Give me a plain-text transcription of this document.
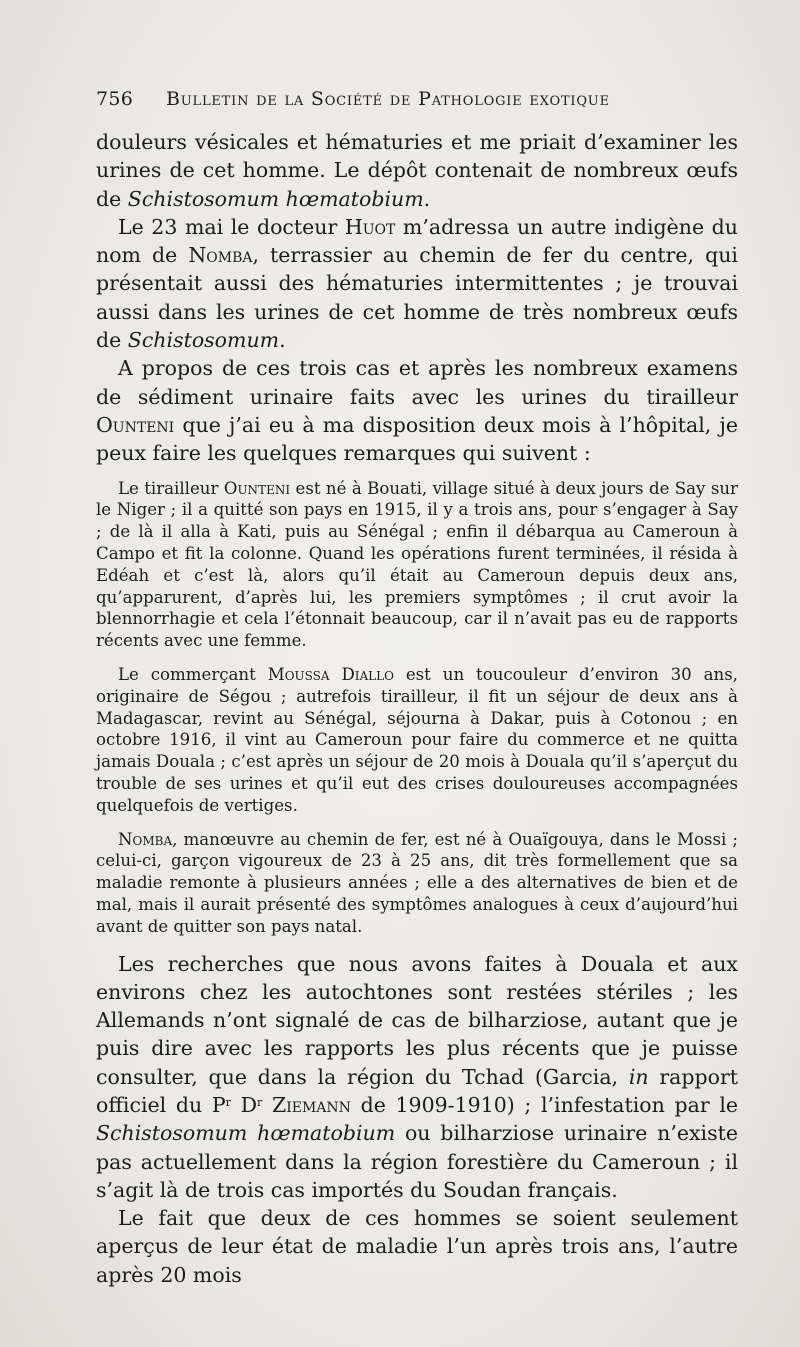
756	Bulletin de la Société de Pathologie exotique

douleurs vésicales et hématuries et me priait d’examiner les urines de cet homme. Le dépôt contenait de nombreux œufs de Schistosomum hœmatobium.

Le 23 mai le docteur Huot m’adressa un autre indigène du nom de Nomba, terrassier au chemin de fer du centre, qui présentait aussi des hématuries intermittentes ; je trouvai aussi dans les urines de cet homme de très nombreux œufs de Schistosomum.

A propos de ces trois cas et après les nombreux examens de sédiment urinaire faits avec les urines du tirailleur Ounteni que j’ai eu à ma disposition deux mois à l’hôpital, je peux faire les quelques remarques qui suivent :

Le tirailleur Ounteni est né à Bouati, village situé à deux jours de Say sur le Niger ; il a quitté son pays en 1915, il y a trois ans, pour s’engager à Say ; de là il alla à Kati, puis au Sénégal ; enfin il débarqua au Cameroun à Campo et fit la colonne. Quand les opérations furent terminées, il résida à Edéah et c’est là, alors qu’il était au Cameroun depuis deux ans, qu’apparurent, d’après lui, les premiers symptômes ; il crut avoir la blennorrhagie et cela l’étonnait beaucoup, car il n’avait pas eu de rapports récents avec une femme.

Le commerçant Moussa Diallo est un toucouleur d’environ 30 ans, originaire de Ségou ; autrefois tirailleur, il fit un séjour de deux ans à Madagascar, revint au Sénégal, séjourna à Dakar, puis à Cotonou ; en octobre 1916, il vint au Cameroun pour faire du commerce et ne quitta jamais Douala ; c’est après un séjour de 20 mois à Douala qu’il s’aperçut du trouble de ses urines et qu’il eut des crises douloureuses accompagnées quelquefois de vertiges.

Nomba, manœuvre au chemin de fer, est né à Ouaïgouya, dans le Mossi ; celui-ci, garçon vigoureux de 23 à 25 ans, dit très formellement que sa maladie remonte à plusieurs années ; elle a des alternatives de bien et de mal, mais il aurait présenté des symptômes analogues à ceux d’aujourd’hui avant de quitter son pays natal.

Les recherches que nous avons faites à Douala et aux environs chez les autochtones sont restées stériles ; les Allemands n’ont signalé de cas de bilharziose, autant que je puis dire avec les rapports les plus récents que je puisse consulter, que dans la région du Tchad (Garcia, in rapport officiel du $P^r$ $D^r$ Ziemann de 1909-1910) ; l’infestation par le Schistosomum hœmatobium ou bilharziose urinaire n’existe pas actuellement dans la région forestière du Cameroun ; il s’agit là de trois cas importés du Soudan français.

Le fait que deux de ces hommes se soient seulement aperçus de leur état de maladie l’un après trois ans, l’autre après 20 mois
